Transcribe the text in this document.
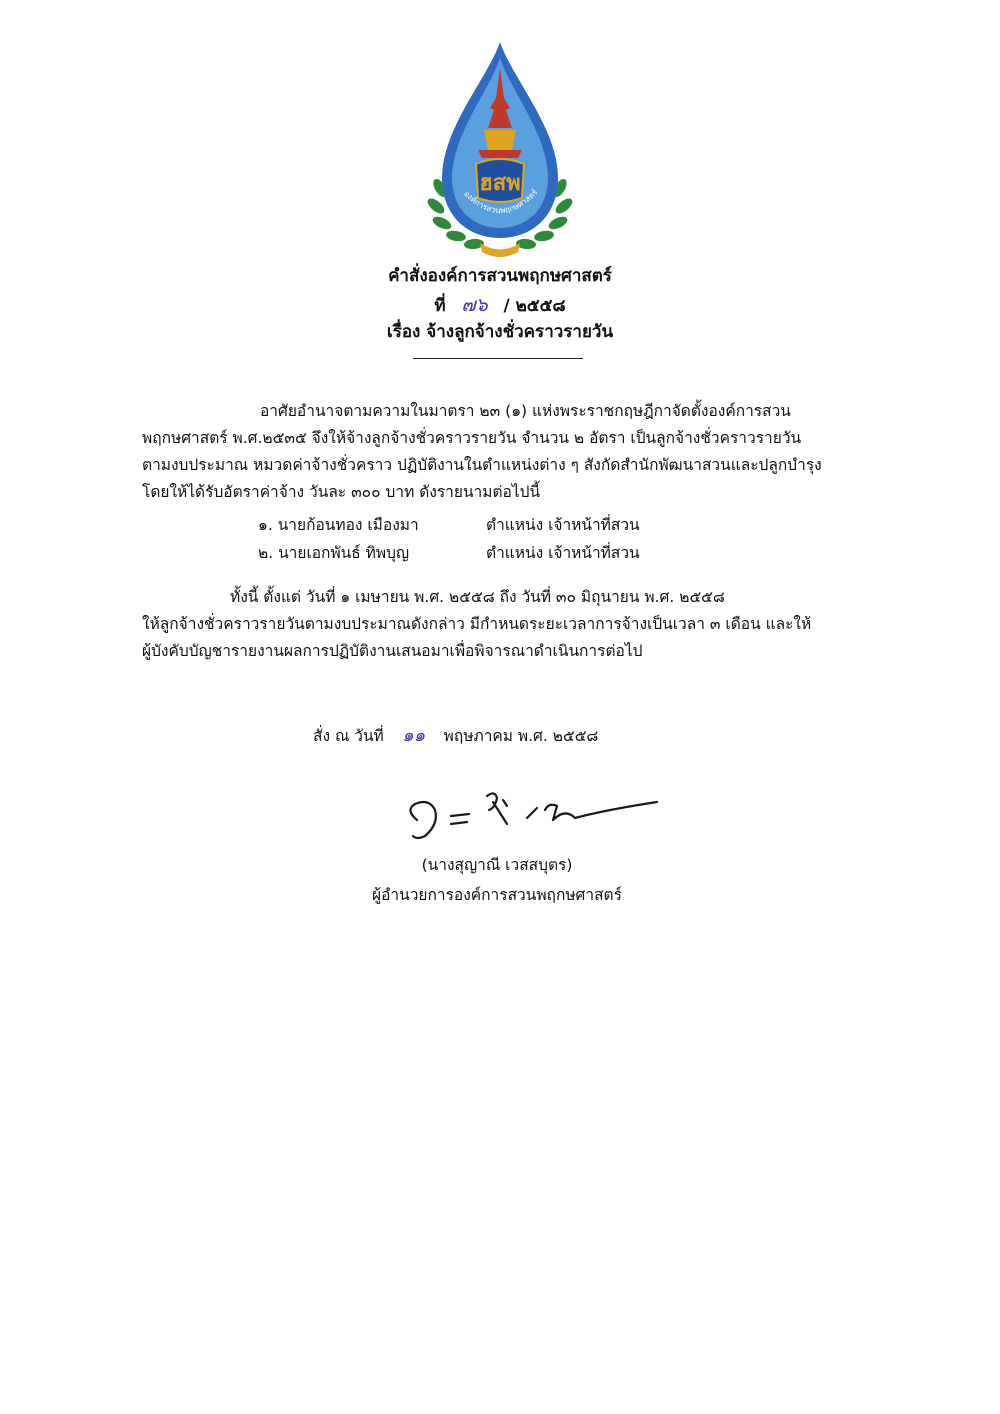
ฮสพ
องค์การสวนพฤกษศาสตร์
คำสั่งองค์การสวนพฤกษศาสตร์
ที่ ๗๖ / ๒๕๕๘
เรื่อง จ้างลูกจ้างชั่วคราวรายวัน
อาศัยอำนาจตามความในมาตรา ๒๓ (๑) แห่งพระราชกฤษฎีกาจัดตั้งองค์การสวน
พฤกษศาสตร์ พ.ศ.๒๕๓๕ จึงให้จ้างลูกจ้างชั่วคราวรายวัน จำนวน ๒ อัตรา เป็นลูกจ้างชั่วคราวรายวัน
ตามงบประมาณ หมวดค่าจ้างชั่วคราว ปฏิบัติงานในตำแหน่งต่าง ๆ สังกัดสำนักพัฒนาสวนและปลูกบำรุง
โดยให้ได้รับอัตราค่าจ้าง วันละ ๓๐๐ บาท ดังรายนามต่อไปนี้
๑. นายก้อนทอง เมืองมา	ตำแหน่ง เจ้าหน้าที่สวน
๒. นายเอกพันธ์ ทิพบุญ	ตำแหน่ง เจ้าหน้าที่สวน
ทั้งนี้ ตั้งแต่ วันที่ ๑ เมษายน พ.ศ. ๒๕๕๘ ถึง วันที่ ๓๐ มิถุนายน พ.ศ. ๒๕๕๘
ให้ลูกจ้างชั่วคราวรายวันตามงบประมาณดังกล่าว มีกำหนดระยะเวลาการจ้างเป็นเวลา ๓ เดือน และให้
ผู้บังคับบัญชารายงานผลการปฏิบัติงานเสนอมาเพื่อพิจารณาดำเนินการต่อไป
สั่ง ณ วันที่ ๑๑ พฤษภาคม พ.ศ. ๒๕๕๘
(นางสุญาณี เวสสบุตร)
ผู้อำนวยการองค์การสวนพฤกษศาสตร์
